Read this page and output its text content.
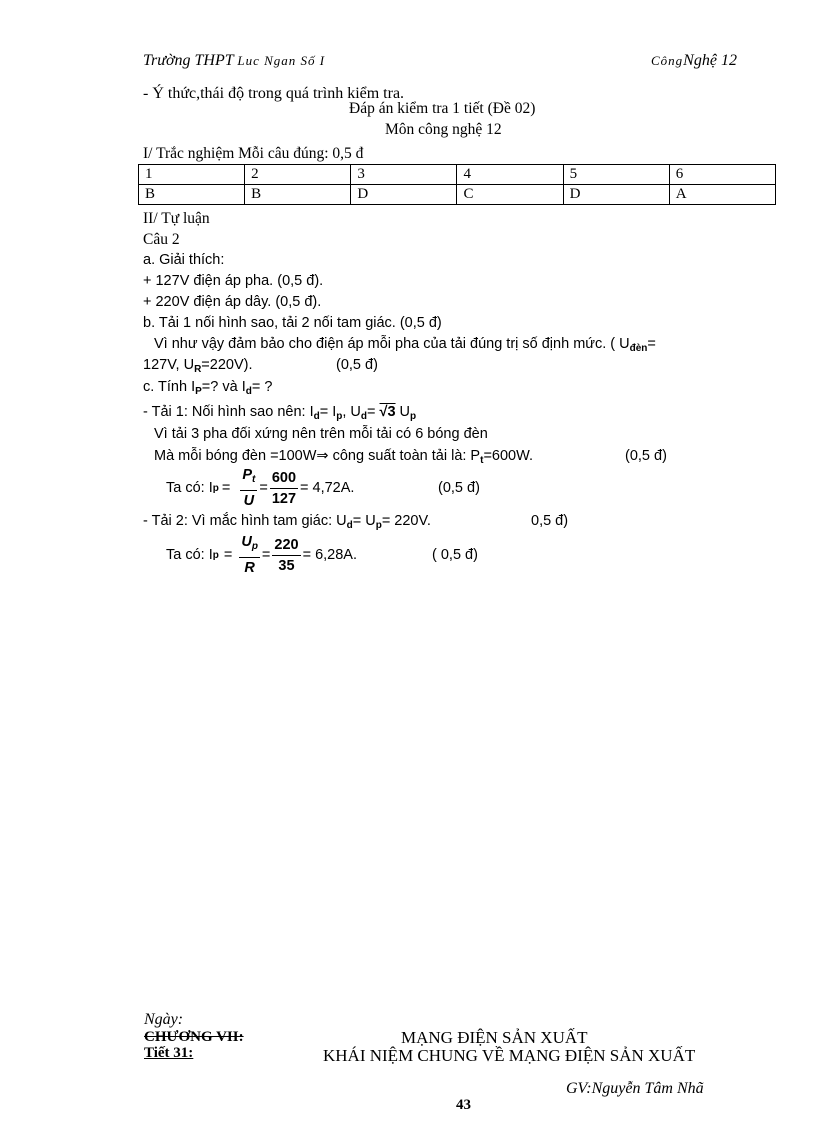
Trường THPT Luc Ngan Số I	CôngNghệ 12
- Ý thức,thái độ trong quá trình kiểm tra.
Đáp án kiểm tra 1 tiết (Đề 02)
Môn công nghệ 12
I/ Trắc nghiệm Mỗi câu đúng: 0,5 đ
1	2	3	4	5	6
B	B	D	C	D	A
II/ Tự luận
Câu 2
a. Giải thích:
+ 127V điện áp pha. (0,5 đ).
+ 220V điện áp dây. (0,5 đ).
b. Tải 1 nối hình sao, tải 2 nối tam giác. (0,5 đ)
Vì như vậy đảm bảo cho điện áp mỗi pha của tải đúng trị số định mức. ( $U_{đèn}=$
127V, $U_R=220V$).	(0,5 đ)
c. Tính $I_P=$? và $I_d=$ ?
- Tải 1: Nối hình sao nên: $I_d= I_p$, $U_d= √3$ $U_p$
Vì tải 3 pha đối xứng nên trên mỗi tải có 6 bóng đèn
Mà mỗi bóng đèn =100W⇒ công suất toàn tải là: $P_t=600W$.	(0,5 đ)
Ta có: I $p = \frac{P_t}{U} = \frac{600}{127} = 4,72A$.	(0,5 đ)
- Tải 2: Vì mắc hình tam giác: $U_d= U_p= 220V$.	0,5 đ)
Ta có: I $p = \frac{U_p}{R} = \frac{220}{35} = 6,28A$.	( 0,5 đ)
Ngày:
CHƯƠNG VII:
Tiết 31:
MẠNG ĐIỆN SẢN XUẤT
KHÁI NIỆM CHUNG VỀ MẠNG ĐIỆN SẢN XUẤT
GV:Nguyễn Tâm Nhã
43
